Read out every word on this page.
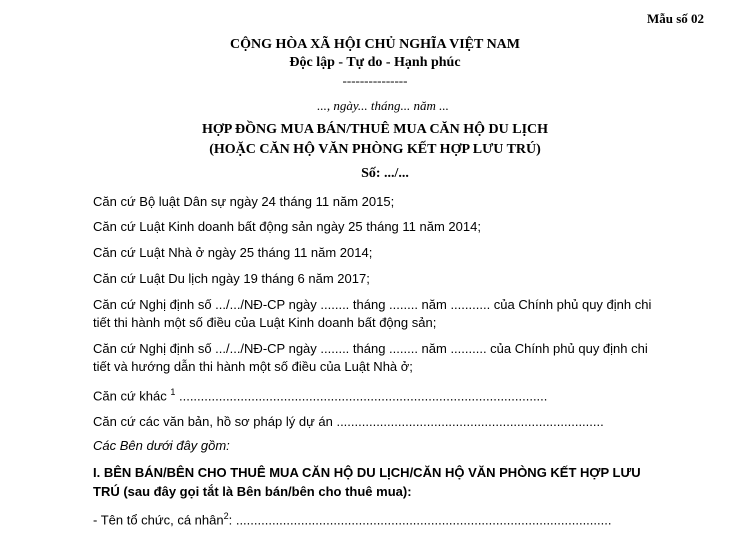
Mẫu số 02
CỘNG HÒA XÃ HỘI CHỦ NGHĨA VIỆT NAM
Độc lập - Tự do - Hạnh phúc
---------------
..., ngày... tháng... năm ...
HỢP ĐỒNG MUA BÁN/THUÊ MUA CĂN HỘ DU LỊCH
(HOẶC CĂN HỘ VĂN PHÒNG KẾT HỢP LƯU TRÚ)
Số: .../...
Căn cứ Bộ luật Dân sự ngày 24 tháng 11 năm 2015;
Căn cứ Luật Kinh doanh bất động sản ngày 25 tháng 11 năm 2014;
Căn cứ Luật Nhà ở ngày 25 tháng 11 năm 2014;
Căn cứ Luật Du lịch ngày 19 tháng 6 năm 2017;
Căn cứ Nghị định số .../.../NĐ-CP ngày ........ tháng ........ năm ........... của Chính phủ quy định chi
tiết thi hành một số điều của Luật Kinh doanh bất động sản;
Căn cứ Nghị định số .../.../NĐ-CP ngày ........ tháng ........ năm .......... của Chính phủ quy định chi
tiết và hướng dẫn thi hành một số điều của Luật Nhà ở;
Căn cứ khác $^1$ ......................................................................................................
Căn cứ các văn bản, hồ sơ pháp lý dự án ..........................................................................
Các Bên dưới đây gồm:
I. BÊN BÁN/BÊN CHO THUÊ MUA CĂN HỘ DU LỊCH/CĂN HỘ VĂN PHÒNG KẾT HỢP LƯU
TRÚ (sau đây gọi tắt là Bên bán/bên cho thuê mua):
- Tên tổ chức, cá nhân$^2$: ........................................................................................................
